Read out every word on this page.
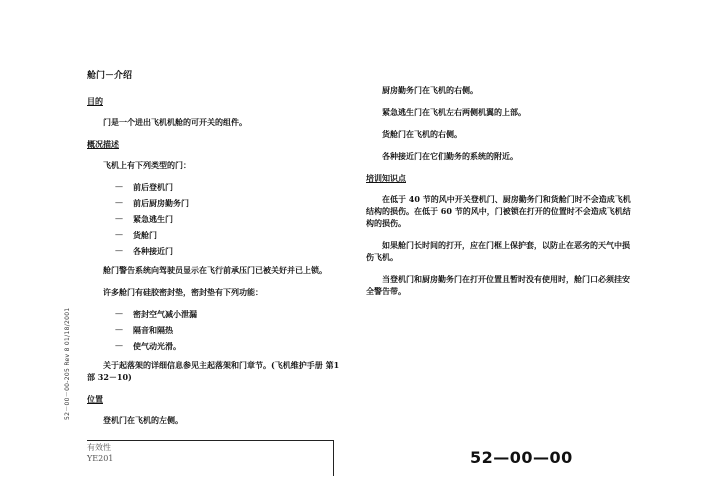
舱门－介绍
目的
门是一个进出飞机机舱的可开关的组件。
概况描述
飞机上有下列类型的门：
— 前后登机门
— 前后厨房勤务门
— 紧急逃生门
— 货舱门
— 各种接近门
舱门警告系统向驾驶员显示在飞行前承压门已被关好并已上锁。
许多舱门有硅胶密封垫，密封垫有下列功能：
— 密封空气减小泄漏
— 隔音和隔热
— 使气动光滑。
关于起落架的详细信息参见主起落架和门章节。(飞机维护手册 第1部 32－10)
位置
登机门在飞机的左侧。
厨房勤务门在飞机的右侧。
紧急逃生门在飞机左右两侧机翼的上部。
货舱门在飞机的右侧。
各种接近门在它们勤务的系统的附近。
培训知识点
在低于 40 节的风中开关登机门、厨房勤务门和货舱门时不会造成飞机结构的损伤。在低于 60 节的风中，门被锁在打开的位置时不会造成飞机结构的损伤。
如果舱门长时间的打开，应在门框上保护套，以防止在恶劣的天气中损伤飞机。
当登机门和厨房勤务门在打开位置且暂时没有使用时，舱门口必须挂安全警告带。
52－00－00-205 Rev 8 01/18/2001
有效性
YE201	52—00—00
